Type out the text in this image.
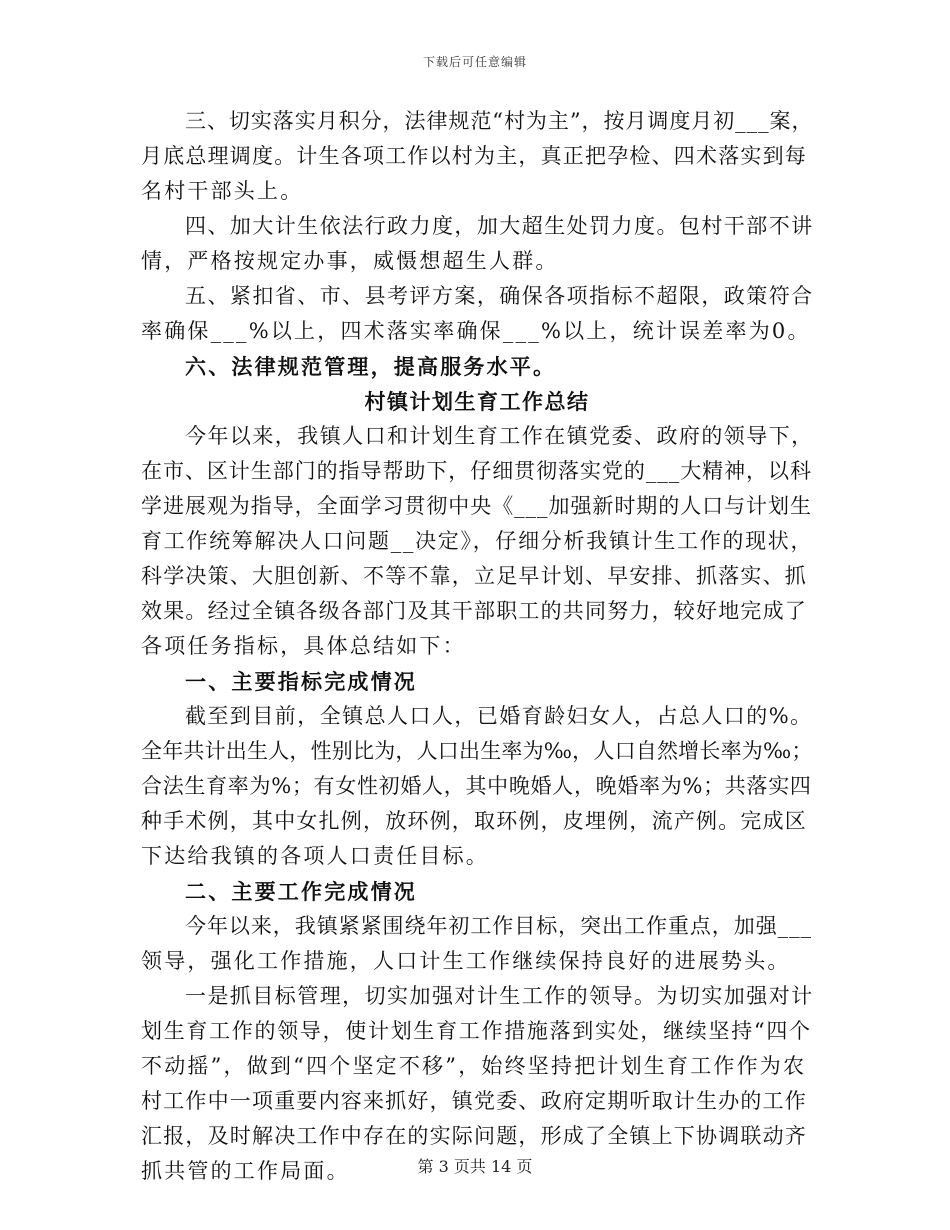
下载后可任意编辑
三、切实落实月积分，法律规范“村为主”，按月调度月初___案，
月底总理调度。计生各项工作以村为主，真正把孕检、四术落实到每
名村干部头上。
四、加大计生依法行政力度，加大超生处罚力度。包村干部不讲
情，严格按规定办事，威慑想超生人群。
五、紧扣省、市、县考评方案，确保各项指标不超限，政策符合
率确保___%以上，四术落实率确保___%以上，统计误差率为0。
六、法律规范管理，提高服务水平。
村镇计划生育工作总结
今年以来，我镇人口和计划生育工作在镇党委、政府的领导下，
在市、区计生部门的指导帮助下，仔细贯彻落实党的___大精神，以科
学进展观为指导，全面学习贯彻中央《___加强新时期的人口与计划生
育工作统筹解决人口问题__决定》，仔细分析我镇计生工作的现状，
科学决策、大胆创新、不等不靠，立足早计划、早安排、抓落实、抓
效果。经过全镇各级各部门及其干部职工的共同努力，较好地完成了
各项任务指标，具体总结如下：
一、主要指标完成情况
截至到目前，全镇总人口人，已婚育龄妇女人，占总人口的%。
全年共计出生人，性别比为，人口出生率为‰，人口自然增长率为‰；
合法生育率为%；有女性初婚人，其中晚婚人，晚婚率为%；共落实四
种手术例，其中女扎例，放环例，取环例，皮埋例，流产例。完成区
下达给我镇的各项人口责任目标。
二、主要工作完成情况
今年以来，我镇紧紧围绕年初工作目标，突出工作重点，加强___
领导，强化工作措施，人口计生工作继续保持良好的进展势头。
一是抓目标管理，切实加强对计生工作的领导。为切实加强对计
划生育工作的领导，使计划生育工作措施落到实处，继续坚持“四个
不动摇”，做到“四个坚定不移”，始终坚持把计划生育工作作为农
村工作中一项重要内容来抓好，镇党委、政府定期听取计生办的工作
汇报，及时解决工作中存在的实际问题，形成了全镇上下协调联动齐
抓共管的工作局面。	第 3 页共 14 页
